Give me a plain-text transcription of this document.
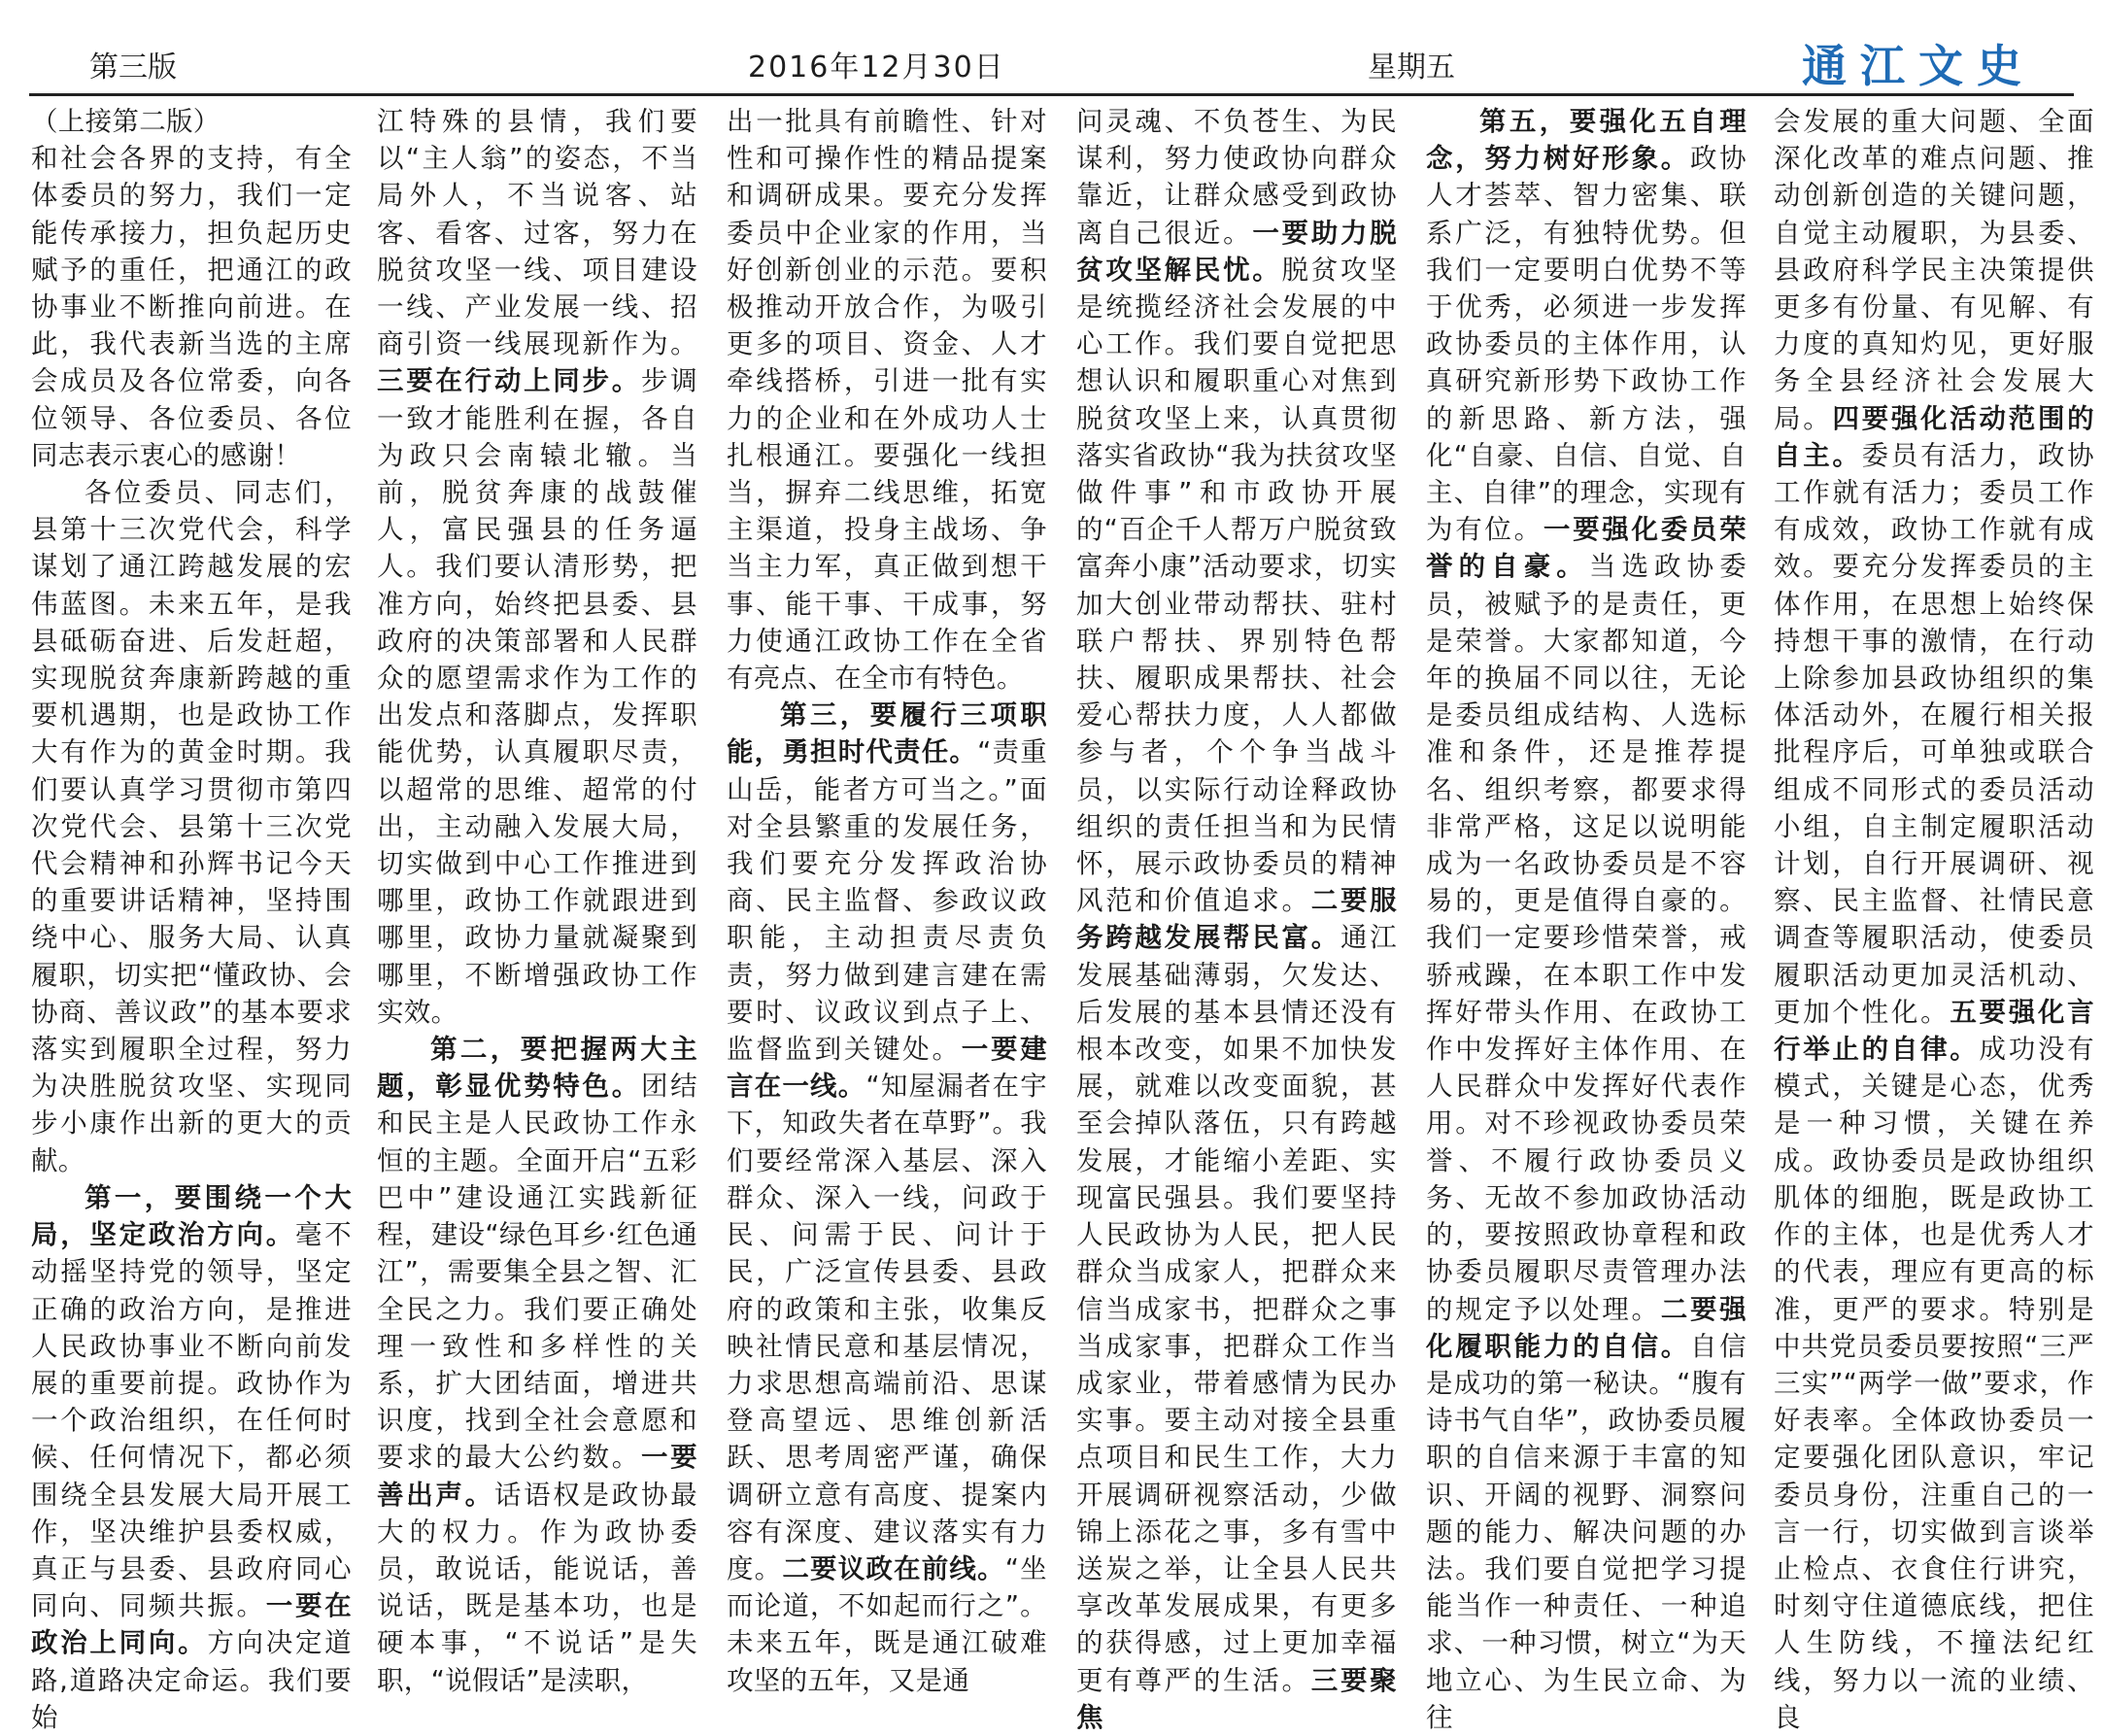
第三版	2016年12月30日	星期五	通江文史

（上接第二版）

和社会各界的支持，有全体委员的努力，我们一定能传承接力，担负起历史赋予的重任，把通江的政协事业不断推向前进。在此，我代表新当选的主席会成员及各位常委，向各位领导、各位委员、各位同志表示衷心的感谢！

各位委员、同志们，县第十三次党代会，科学谋划了通江跨越发展的宏伟蓝图。未来五年，是我县砥砺奋进、后发赶超，实现脱贫奔康新跨越的重要机遇期，也是政协工作大有作为的黄金时期。我们要认真学习贯彻市第四次党代会、县第十三次党代会精神和孙辉书记今天的重要讲话精神，坚持围绕中心、服务大局、认真履职，切实把“懂政协、会协商、善议政”的基本要求落实到履职全过程，努力为决胜脱贫攻坚、实现同步小康作出新的更大的贡献。

第一，要围绕一个大局，坚定政治方向。毫不动摇坚持党的领导，坚定正确的政治方向，是推进人民政协事业不断向前发展的重要前提。政协作为一个政治组织，在任何时候、任何情况下，都必须围绕全县发展大局开展工作，坚决维护县委权威，真正与县委、县政府同心同向、同频共振。一要在政治上同向。方向决定道路,道路决定命运。我们要始

江特殊的县情，我们要以“主人翁”的姿态，不当局外人，不当说客、站客、看客、过客，努力在脱贫攻坚一线、项目建设一线、产业发展一线、招商引资一线展现新作为。三要在行动上同步。步调一致才能胜利在握，各自为政只会南辕北辙。当前，脱贫奔康的战鼓催人，富民强县的任务逼人。我们要认清形势，把准方向，始终把县委、县政府的决策部署和人民群众的愿望需求作为工作的出发点和落脚点，发挥职能优势，认真履职尽责，以超常的思维、超常的付出，主动融入发展大局，切实做到中心工作推进到哪里，政协工作就跟进到哪里，政协力量就凝聚到哪里，不断增强政协工作实效。

第二，要把握两大主题，彰显优势特色。团结和民主是人民政协工作永恒的主题。全面开启“五彩巴中”建设通江实践新征程，建设“绿色耳乡·红色通江”，需要集全县之智、汇全民之力。我们要正确处理一致性和多样性的关系，扩大团结面，增进共识度，找到全社会意愿和要求的最大公约数。一要善出声。话语权是政协最大的权力。作为政协委员，敢说话，能说话，善说话，既是基本功，也是硬本事，“不说话”是失职，“说假话”是渎职，

出一批具有前瞻性、针对性和可操作性的精品提案和调研成果。要充分发挥委员中企业家的作用，当好创新创业的示范。要积极推动开放合作，为吸引更多的项目、资金、人才牵线搭桥，引进一批有实力的企业和在外成功人士扎根通江。要强化一线担当，摒弃二线思维，拓宽主渠道，投身主战场、争当主力军，真正做到想干事、能干事、干成事，努力使通江政协工作在全省有亮点、在全市有特色。

第三，要履行三项职能，勇担时代责任。“责重山岳，能者方可当之。”面对全县繁重的发展任务，我们要充分发挥政治协商、民主监督、参政议政职能，主动担责尽责负责，努力做到建言建在需要时、议政议到点子上、监督监到关键处。一要建言在一线。“知屋漏者在宇下，知政失者在草野”。我们要经常深入基层、深入群众、深入一线，问政于民、问需于民、问计于民，广泛宣传县委、县政府的政策和主张，收集反映社情民意和基层情况，力求思想高端前沿、思谋登高望远、思维创新活跃、思考周密严谨，确保调研立意有高度、提案内容有深度、建议落实有力度。二要议政在前线。“坐而论道，不如起而行之”。未来五年，既是通江破难攻坚的五年，又是通

问灵魂、不负苍生、为民谋利，努力使政协向群众靠近，让群众感受到政协离自己很近。一要助力脱贫攻坚解民忧。脱贫攻坚是统揽经济社会发展的中心工作。我们要自觉把思想认识和履职重心对焦到脱贫攻坚上来，认真贯彻落实省政协“我为扶贫攻坚做件事”和市政协开展的“百企千人帮万户脱贫致富奔小康”活动要求，切实加大创业带动帮扶、驻村联户帮扶、界别特色帮扶、履职成果帮扶、社会爱心帮扶力度，人人都做参与者，个个争当战斗员，以实际行动诠释政协组织的责任担当和为民情怀，展示政协委员的精神风范和价值追求。二要服务跨越发展帮民富。通江发展基础薄弱，欠发达、后发展的基本县情还没有根本改变，如果不加快发展，就难以改变面貌，甚至会掉队落伍，只有跨越发展，才能缩小差距、实现富民强县。我们要坚持人民政协为人民，把人民群众当成家人，把群众来信当成家书，把群众之事当成家事，把群众工作当成家业，带着感情为民办实事。要主动对接全县重点项目和民生工作，大力开展调研视察活动，少做锦上添花之事，多有雪中送炭之举，让全县人民共享改革发展成果，有更多的获得感，过上更加幸福更有尊严的生活。三要聚焦

第五，要强化五自理念，努力树好形象。政协人才荟萃、智力密集、联系广泛，有独特优势。但我们一定要明白优势不等于优秀，必须进一步发挥政协委员的主体作用，认真研究新形势下政协工作的新思路、新方法，强化“自豪、自信、自觉、自主、自律”的理念，实现有为有位。一要强化委员荣誉的自豪。当选政协委员，被赋予的是责任，更是荣誉。大家都知道，今年的换届不同以往，无论是委员组成结构、人选标准和条件，还是推荐提名、组织考察，都要求得非常严格，这足以说明能成为一名政协委员是不容易的，更是值得自豪的。我们一定要珍惜荣誉，戒骄戒躁，在本职工作中发挥好带头作用、在政协工作中发挥好主体作用、在人民群众中发挥好代表作用。对不珍视政协委员荣誉、不履行政协委员义务、无故不参加政协活动的，要按照政协章程和政协委员履职尽责管理办法的规定予以处理。二要强化履职能力的自信。自信是成功的第一秘诀。“腹有诗书气自华”，政协委员履职的自信来源于丰富的知识、开阔的视野、洞察问题的能力、解决问题的办法。我们要自觉把学习提能当作一种责任、一种追求、一种习惯，树立“为天地立心、为生民立命、为往

会发展的重大问题、全面深化改革的难点问题、推动创新创造的关键问题，自觉主动履职，为县委、县政府科学民主决策提供更多有份量、有见解、有力度的真知灼见，更好服务全县经济社会发展大局。四要强化活动范围的自主。委员有活力，政协工作就有活力；委员工作有成效，政协工作就有成效。要充分发挥委员的主体作用，在思想上始终保持想干事的激情，在行动上除参加县政协组织的集体活动外，在履行相关报批程序后，可单独或联合组成不同形式的委员活动小组，自主制定履职活动计划，自行开展调研、视察、民主监督、社情民意调查等履职活动，使委员履职活动更加灵活机动、更加个性化。五要强化言行举止的自律。成功没有模式，关键是心态，优秀是一种习惯，关键在养成。政协委员是政协组织肌体的细胞，既是政协工作的主体，也是优秀人才的代表，理应有更高的标准，更严的要求。特别是中共党员委员要按照“三严三实”“两学一做”要求，作好表率。全体政协委员一定要强化团队意识，牢记委员身份，注重自己的一言一行，切实做到言谈举止检点、衣食住行讲究，时刻守住道德底线，把住人生防线，不撞法纪红线，努力以一流的业绩、良
